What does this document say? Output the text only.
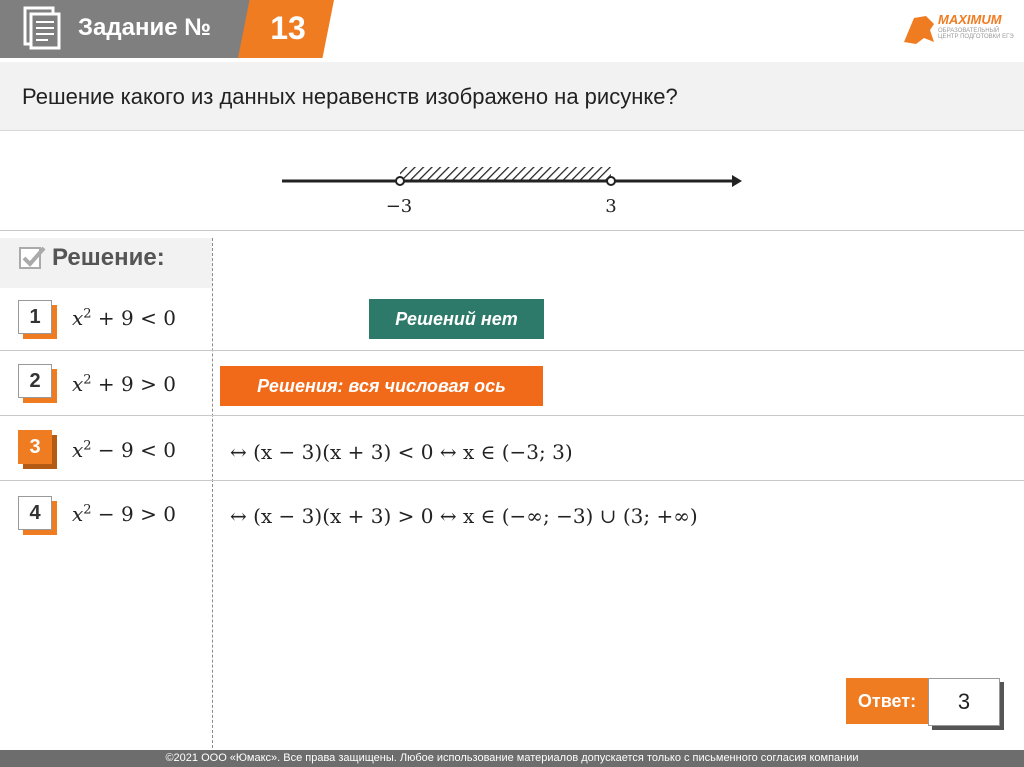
Задание № 13	MAXIMUM
ОБРАЗОВАТЕЛЬНЫЙ ЦЕНТР ПОДГОТОВКИ ЕГЭ
Решение какого из данных неравенств изображено на рисунке?
−3	3
Решение:
1	$x^2 + 9 < 0$	Решений нет
2	$x^2 + 9 > 0$	Решения: вся числовая ось
3	$x^2 - 9 < 0$	↔ (x − 3)(x + 3) < 0 ↔ x ∈ (−3; 3)
4	$x^2 - 9 > 0$	↔ (x − 3)(x + 3) > 0 ↔ x ∈ (−∞; −3) ∪ (3; +∞)
Ответ:	3
©2021 ООО «Юмакс». Все права защищены. Любое использование материалов допускается только с письменного согласия компании
